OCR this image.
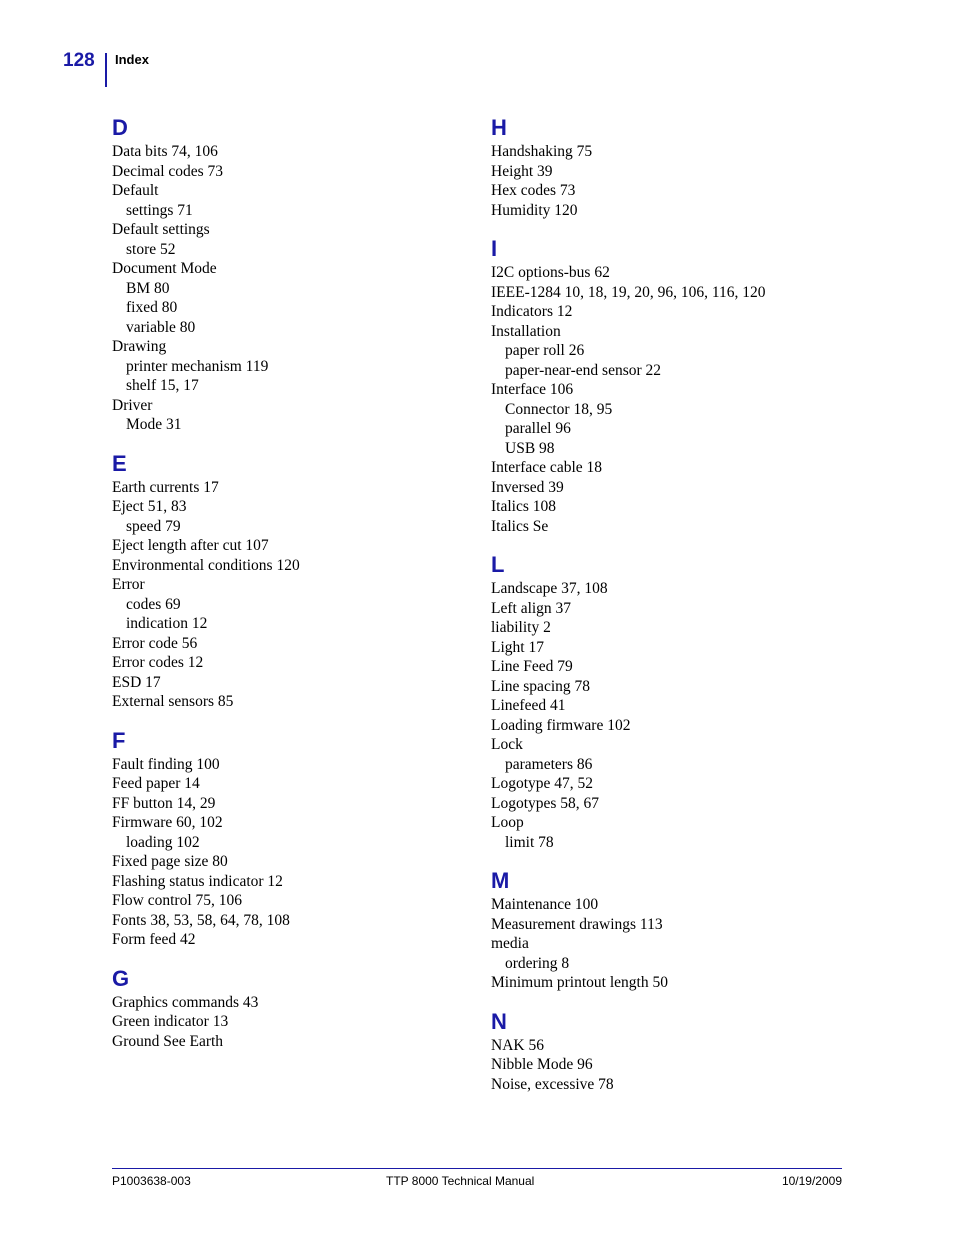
128 Index
D
Data bits 74, 106
Decimal codes 73
Default
settings 71
Default settings
store 52
Document Mode
BM 80
fixed 80
variable 80
Drawing
printer mechanism 119
shelf 15, 17
Driver
Mode 31
E
Earth currents 17
Eject 51, 83
speed 79
Eject length after cut 107
Environmental conditions 120
Error
codes 69
indication 12
Error code 56
Error codes 12
ESD 17
External sensors 85
F
Fault finding 100
Feed paper 14
FF button 14, 29
Firmware 60, 102
loading 102
Fixed page size 80
Flashing status indicator 12
Flow control 75, 106
Fonts 38, 53, 58, 64, 78, 108
Form feed 42
G
Graphics commands 43
Green indicator 13
Ground See Earth
H
Handshaking 75
Height 39
Hex codes 73
Humidity 120
I
I2C options-bus 62
IEEE-1284 10, 18, 19, 20, 96, 106, 116, 120
Indicators 12
Installation
paper roll 26
paper-near-end sensor 22
Interface 106
Connector 18, 95
parallel 96
USB 98
Interface cable 18
Inversed 39
Italics 108
Italics Se
L
Landscape 37, 108
Left align 37
liability 2
Light 17
Line Feed 79
Line spacing 78
Linefeed 41
Loading firmware 102
Lock
parameters 86
Logotype 47, 52
Logotypes 58, 67
Loop
limit 78
M
Maintenance 100
Measurement drawings 113
media
ordering 8
Minimum printout length 50
N
NAK 56
Nibble Mode 96
Noise, excessive 78
P1003638-003	TTP 8000 Technical Manual	10/19/2009
